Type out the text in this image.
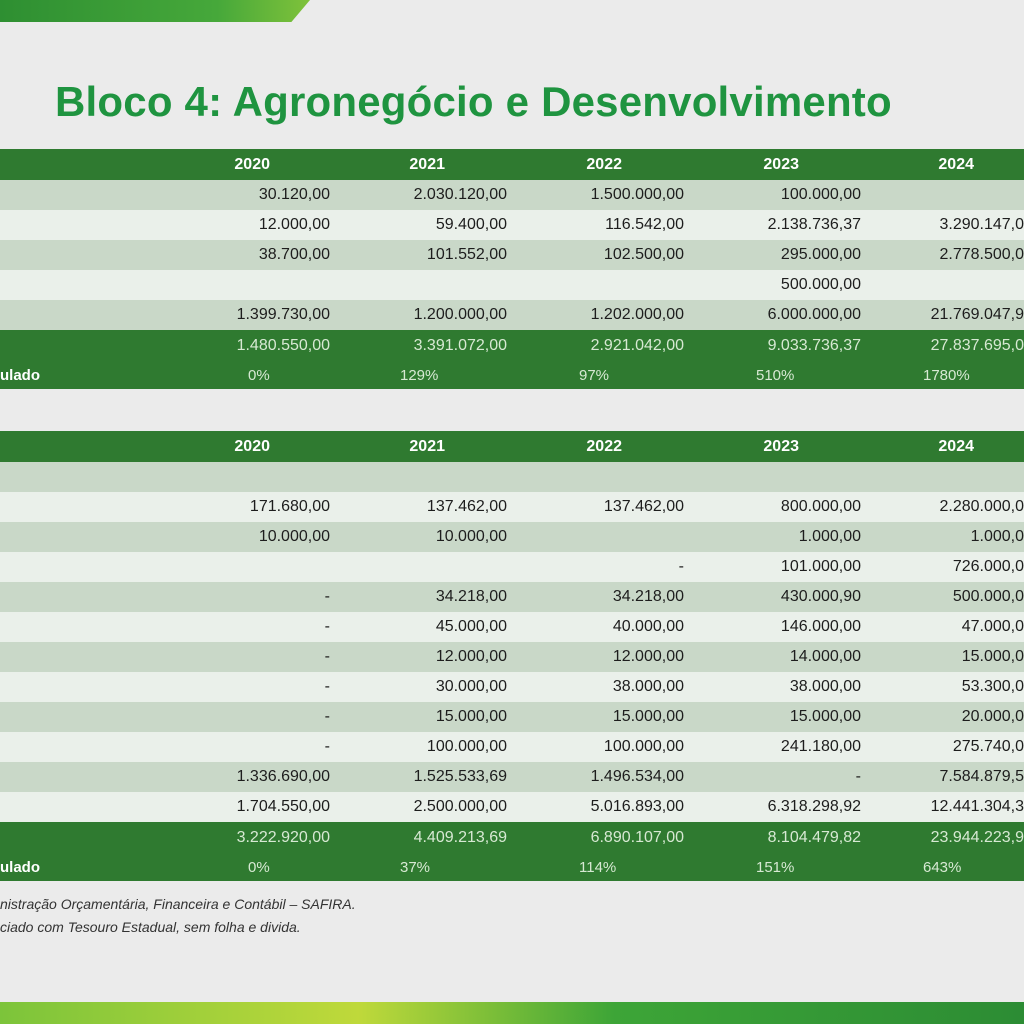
Bloco 4: Agronegócio e Desenvolvimento
	2020	2021	2022	2023	2024
	30.120,00	2.030.120,00	1.500.000,00	100.000,00	
	12.000,00	59.400,00	116.542,00	2.138.736,37	3.290.147,0
	38.700,00	101.552,00	102.500,00	295.000,00	2.778.500,0
				500.000,00	
	1.399.730,00	1.200.000,00	1.202.000,00	6.000.000,00	21.769.047,9
	1.480.550,00	3.391.072,00	2.921.042,00	9.033.736,37	27.837.695,0
ulado	0%	129%	97%	510%	1780%
	2020	2021	2022	2023	2024

	171.680,00	137.462,00	137.462,00	800.000,00	2.280.000,0
	10.000,00	10.000,00		1.000,00	1.000,0
			-	101.000,00	726.000,0
	-	34.218,00	34.218,00	430.000,90	500.000,0
	-	45.000,00	40.000,00	146.000,00	47.000,0
	-	12.000,00	12.000,00	14.000,00	15.000,0
	-	30.000,00	38.000,00	38.000,00	53.300,0
	-	15.000,00	15.000,00	15.000,00	20.000,0
	-	100.000,00	100.000,00	241.180,00	275.740,0
	1.336.690,00	1.525.533,69	1.496.534,00	-	7.584.879,5
	1.704.550,00	2.500.000,00	5.016.893,00	6.318.298,92	12.441.304,3
	3.222.920,00	4.409.213,69	6.890.107,00	8.104.479,82	23.944.223,9
ulado	0%	37%	114%	151%	643%
nistração Orçamentária, Financeira e Contábil – SAFIRA.
ciado com Tesouro Estadual, sem folha e divida.
